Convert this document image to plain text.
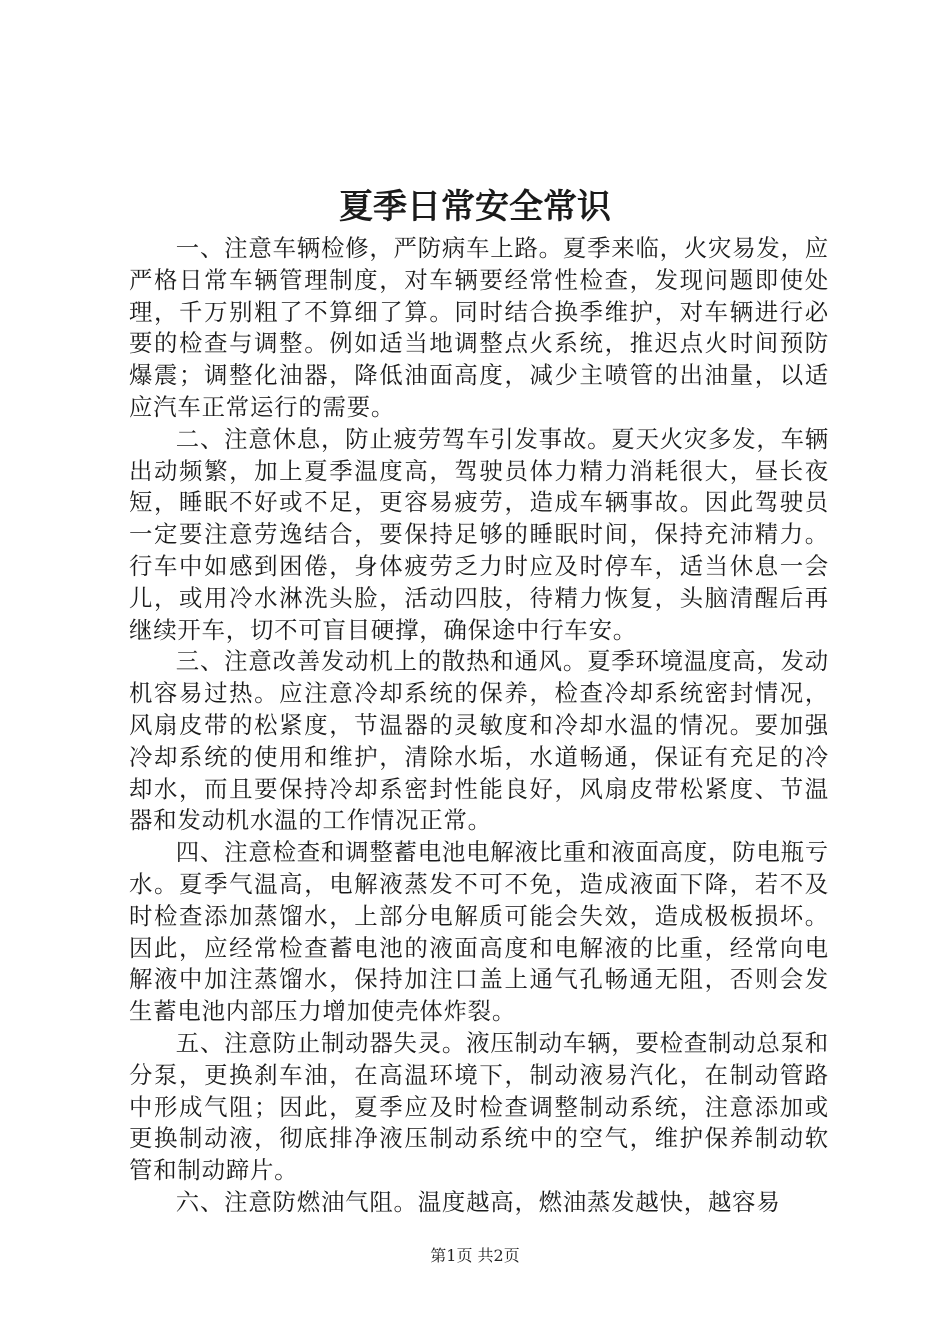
夏季日常安全常识

一、注意车辆检修，严防病车上路。夏季来临，火灾易发，应严格日常车辆管理制度，对车辆要经常性检查，发现问题即使处理，千万别粗了不算细了算。同时结合换季维护，对车辆进行必要的检查与调整。例如适当地调整点火系统，推迟点火时间预防爆震；调整化油器，降低油面高度，减少主喷管的出油量，以适应汽车正常运行的需要。

二、注意休息，防止疲劳驾车引发事故。夏天火灾多发，车辆出动频繁，加上夏季温度高，驾驶员体力精力消耗很大，昼长夜短，睡眠不好或不足，更容易疲劳，造成车辆事故。因此驾驶员一定要注意劳逸结合，要保持足够的睡眠时间，保持充沛精力。行车中如感到困倦，身体疲劳乏力时应及时停车，适当休息一会儿，或用冷水淋洗头脸，活动四肢，待精力恢复，头脑清醒后再继续开车，切不可盲目硬撑，确保途中行车安。

三、注意改善发动机上的散热和通风。夏季环境温度高，发动机容易过热。应注意冷却系统的保养，检查冷却系统密封情况，风扇皮带的松紧度，节温器的灵敏度和冷却水温的情况。要加强冷却系统的使用和维护，清除水垢，水道畅通，保证有充足的冷却水，而且要保持冷却系密封性能良好，风扇皮带松紧度、节温器和发动机水温的工作情况正常。

四、注意检查和调整蓄电池电解液比重和液面高度，防电瓶亏水。夏季气温高，电解液蒸发不可不免，造成液面下降，若不及时检查添加蒸馏水，上部分电解质可能会失效，造成极板损坏。因此，应经常检查蓄电池的液面高度和电解液的比重，经常向电解液中加注蒸馏水，保持加注口盖上通气孔畅通无阻，否则会发生蓄电池内部压力增加使壳体炸裂。

五、注意防止制动器失灵。液压制动车辆，要检查制动总泵和分泵，更换刹车油，在高温环境下，制动液易汽化，在制动管路中形成气阻；因此，夏季应及时检查调整制动系统，注意添加或更换制动液，彻底排净液压制动系统中的空气，维护保养制动软管和制动蹄片。

六、注意防燃油气阻。温度越高，燃油蒸发越快，越容易

第1页 共2页
